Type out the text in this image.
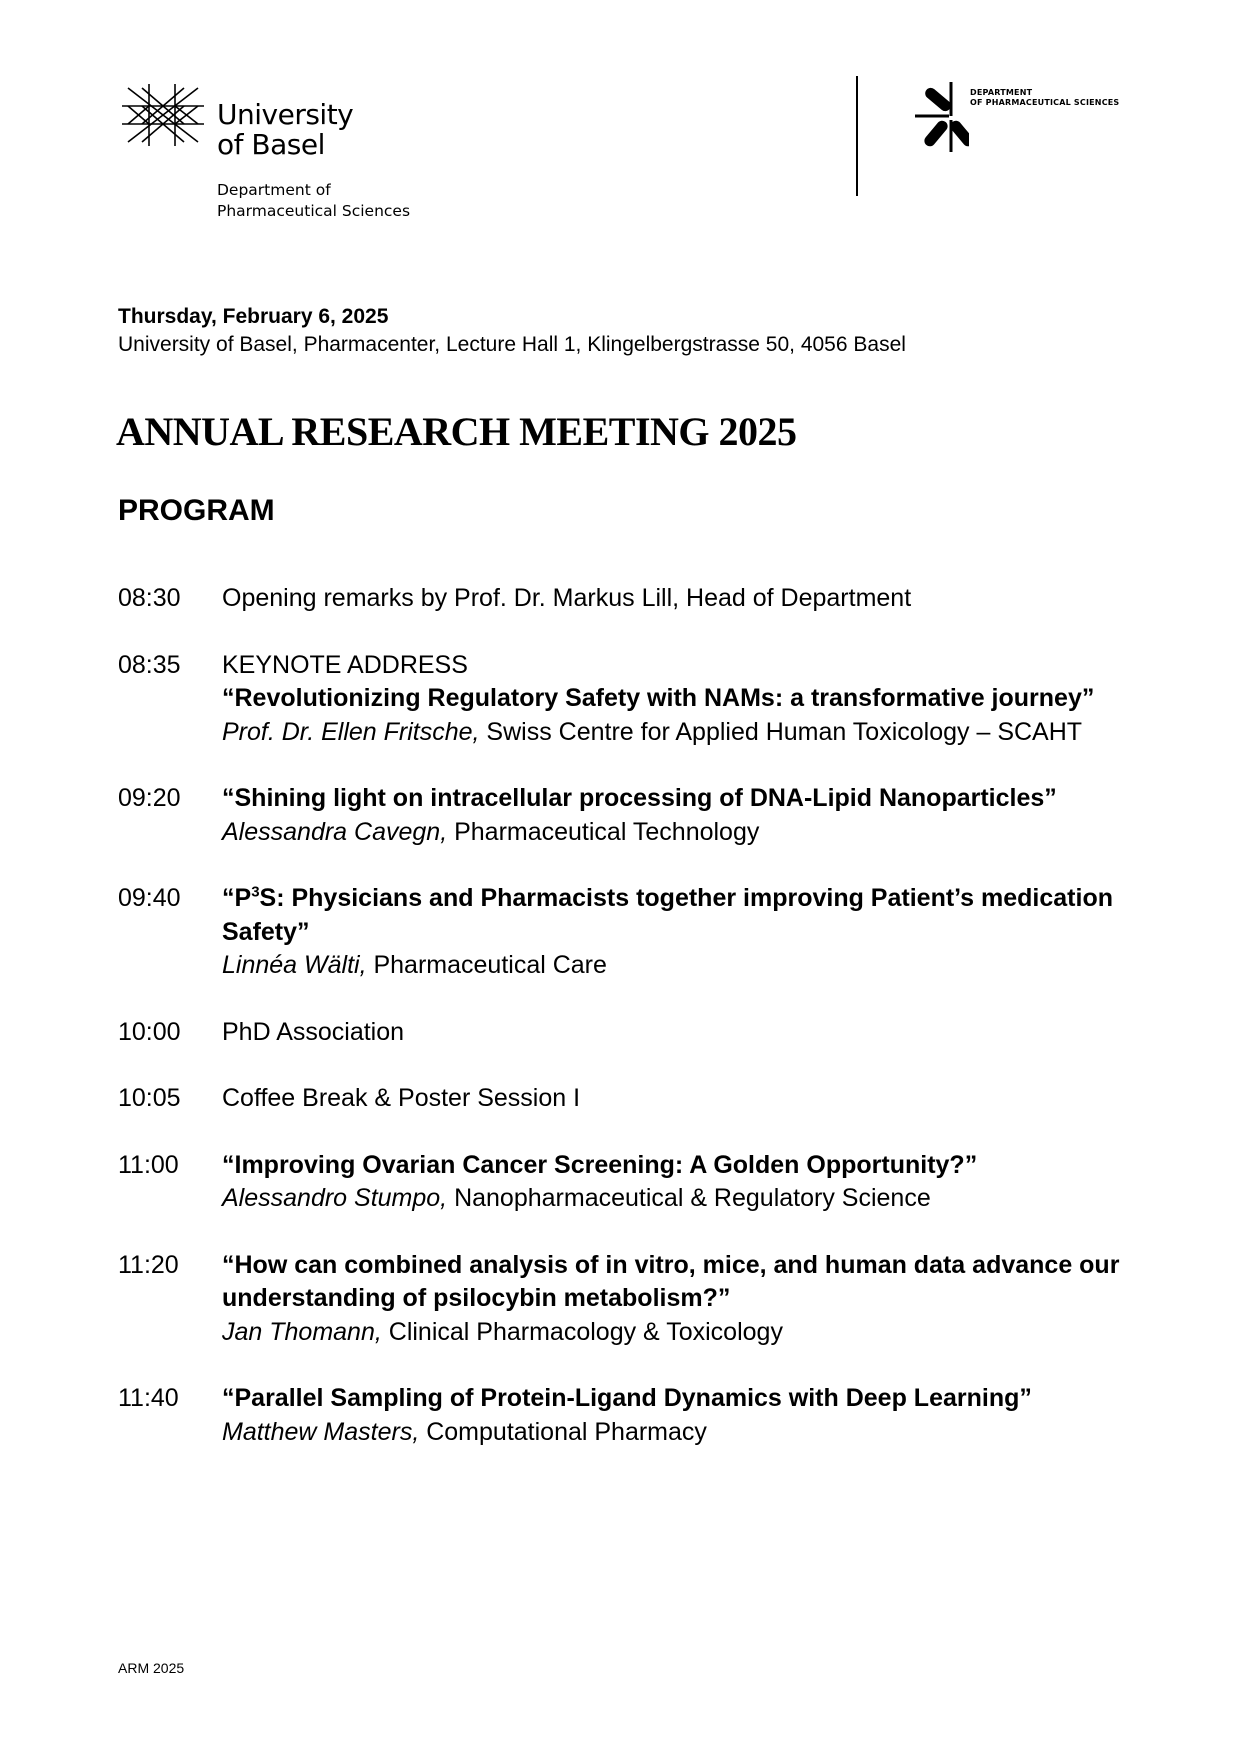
University
of Basel
Department of
Pharmaceutical Sciences
DEPARTMENT
OF PHARMACEUTICAL SCIENCES
Thursday, February 6, 2025
University of Basel, Pharmacenter, Lecture Hall 1, Klingelbergstrasse 50, 4056 Basel
ANNUAL RESEARCH MEETING 2025
PROGRAM
08:30	Opening remarks by Prof. Dr. Markus Lill, Head of Department
08:35	KEYNOTE ADDRESS
“Revolutionizing Regulatory Safety with NAMs: a transformative journey”
Prof. Dr. Ellen Fritsche, Swiss Centre for Applied Human Toxicology – SCAHT
09:20	“Shining light on intracellular processing of DNA-Lipid Nanoparticles”
Alessandra Cavegn, Pharmaceutical Technology
09:40	“$P^3S$: Physicians and Pharmacists together improving Patient’s medication Safety”
Linnéa Wälti, Pharmaceutical Care
10:00	PhD Association
10:05	Coffee Break & Poster Session I
11:00	“Improving Ovarian Cancer Screening: A Golden Opportunity?”
Alessandro Stumpo, Nanopharmaceutical & Regulatory Science
11:20	“How can combined analysis of in vitro, mice, and human data advance our understanding of psilocybin metabolism?”
Jan Thomann, Clinical Pharmacology & Toxicology
11:40	“Parallel Sampling of Protein-Ligand Dynamics with Deep Learning”
Matthew Masters, Computational Pharmacy
ARM 2025
